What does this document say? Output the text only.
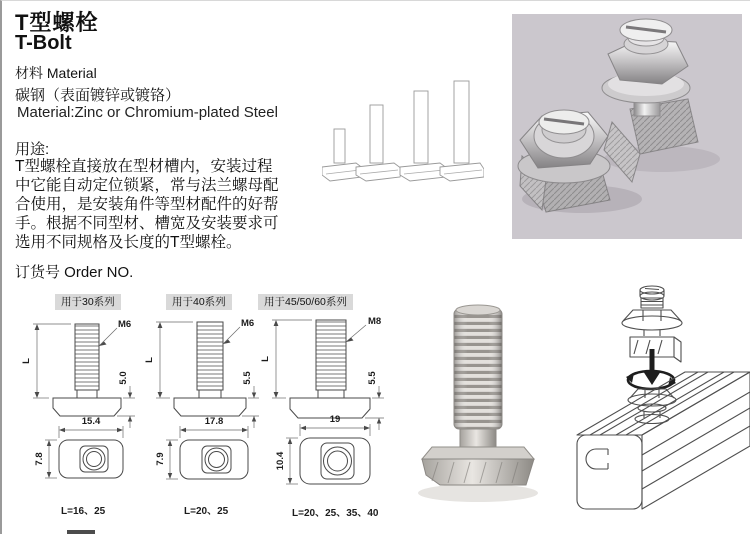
T型螺栓
T-Bolt
材料 Material
碳钢（表面镀锌或镀铬）
Material:Zinc or Chromium-plated Steel
用途:
T型螺栓直接放在型材槽内，安装过程
中它能自动定位锁紧，常与法兰螺母配
合使用，是安装角件等型材配件的好帮
手。根据不同型材、槽宽及安装要求可
选用不同规格及长度的T型螺栓。
订货号 Order NO.
用于30系列
L
5.0
M6
15.4
7.8
L=16、25
用于40系列
L
5.5
M6
17.8
7.9
L=20、25
用于45/50/60系列
L
5.5
M8
19
10.4
L=20、25、35、40
